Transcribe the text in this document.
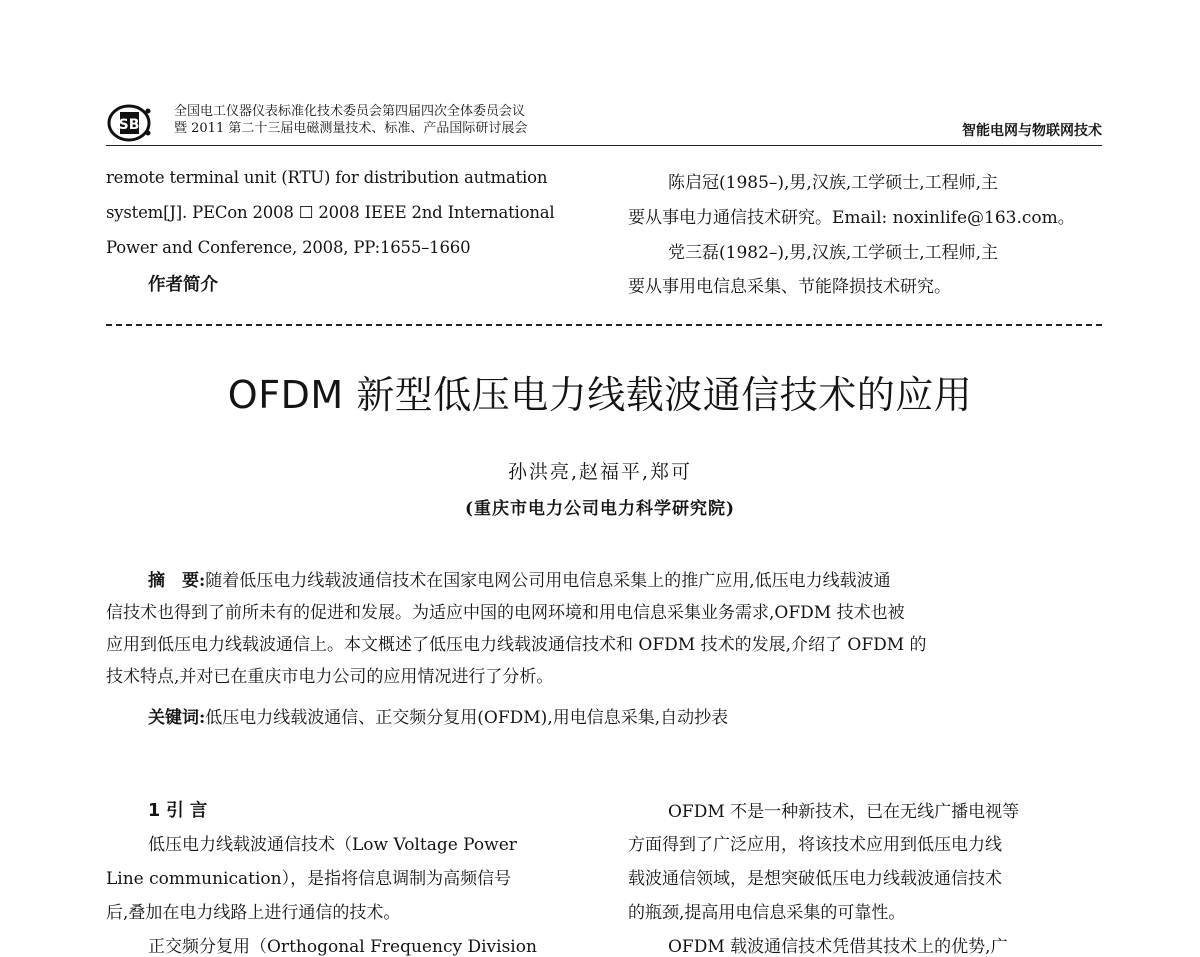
SB
全国电工仪器仪表标准化技术委员会第四届四次全体委员会议
暨 2011 第二十三届电磁测量技术、标准、产品国际研讨展会	智能电网与物联网技术
remote terminal unit (RTU) for distribution autmation
system[J]. PECon 2008 ☐ 2008 IEEE 2nd International
Power and Conference, 2008, PP:1655–1660
作者简介
陈启冠(1985–),男,汉族,工学硕士,工程师,主
要从事电力通信技术研究。Email: noxinlife@163.com。
党三磊(1982–),男,汉族,工学硕士,工程师,主
要从事用电信息采集、节能降损技术研究。
OFDM 新型低压电力线载波通信技术的应用
孙洪亮,赵福平,郑可
(重庆市电力公司电力科学研究院)
摘　要:随着低压电力线载波通信技术在国家电网公司用电信息采集上的推广应用,低压电力线载波通
信技术也得到了前所未有的促进和发展。为适应中国的电网环境和用电信息采集业务需求,OFDM 技术也被
应用到低压电力线载波通信上。本文概述了低压电力线载波通信技术和 OFDM 技术的发展,介绍了 OFDM 的
技术特点,并对已在重庆市电力公司的应用情况进行了分析。
关键词:低压电力线载波通信、正交频分复用(OFDM),用电信息采集,自动抄表
1 引 言
低压电力线载波通信技术（Low Voltage Power
Line communication），是指将信息调制为高频信号
后,叠加在电力线路上进行通信的技术。
正交频分复用（Orthogonal Frequency Division
OFDM 不是一种新技术，已在无线广播电视等
方面得到了广泛应用，将该技术应用到低压电力线
载波通信领域，是想突破低压电力线载波通信技术
的瓶颈,提高用电信息采集的可靠性。
OFDM 载波通信技术凭借其技术上的优势,广
